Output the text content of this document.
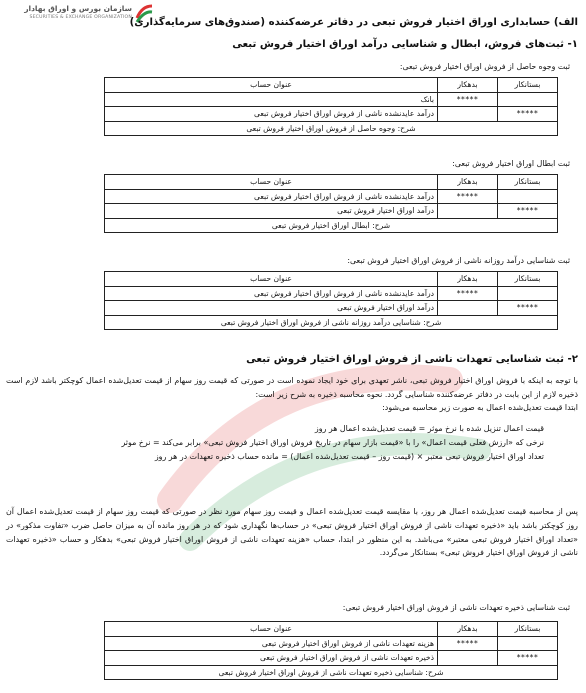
سازمان بورس و اوراق بهادار
SECURITIES & EXCHANGE ORGANIZATION
الف) حسابداری اوراق اختیار فروش تبعی در دفاتر عرضه‌کننده (صندوق‌های سرمایه‌گذاری)
۱- ثبت‌های فروش، ابطال و شناسایی درآمد اوراق اختیار فروش تبعی
ثبت وجوه حاصل از فروش اوراق اختیار فروش تبعی:
بستانکار	بدهکار	عنوان حساب
	*****	بانک
*****		درآمد عایدنشده ناشی از فروش اوراق اختیار فروش تبعی
شرح: وجوه حاصل از فروش اوراق اختیار فروش تبعی		
ثبت ابطال اوراق اختیار فروش تبعی:
بستانکار	بدهکار	عنوان حساب
	*****	درآمد عایدنشده ناشی از فروش اوراق اختیار فروش تبعی
*****		درآمد اوراق اختیار فروش تبعی
شرح: ابطال اوراق اختیار فروش تبعی		
ثبت شناسایی درآمد روزانه ناشی از فروش اوراق اختیار فروش تبعی:
بستانکار	بدهکار	عنوان حساب
	*****	درآمد عایدنشده ناشی از فروش اوراق اختیار فروش تبعی
*****		درآمد اوراق اختیار فروش تبعی
شرح: شناسایی درآمد روزانه ناشی از فروش اوراق اختیار فروش تبعی		
۲- ثبت شناسایی تعهدات ناشی از فروش اوراق اختیار فروش تبعی
با توجه به اینکه با فروش اوراق اختیار فروش تبعی، ناشر تعهدی برای خود ایجاد نموده است در صورتی که قیمت روز سهام از قیمت تعدیل‌شده اعمال کوچکتر باشد لازم است ذخیره لازم از این بابت در دفاتر عرضه‌کننده شناسایی گردد. نحوه محاسبه ذخیره به شرح زیر است:
ابتدا قیمت تعدیل‌شده اعمال به صورت زیر محاسبه می‌شود:
قیمت اعمال تنزیل شده با نرخ موثر = قیمت تعدیل‌شده اعمال هر روز
نرخی که «ارزش فعلی قیمت اعمال» را با «قیمت بازار سهام در تاریخ فروش اوراق اختیار فروش تبعی» برابر می‌کند = نرخ موثر
تعداد اوراق اختیار فروش تبعی معتبر × (قیمت روز – قیمت تعدیل‌شده اعمال) = مانده حساب ذخیره تعهدات در هر روز
پس از محاسبه قیمت تعدیل‌شده اعمال هر روز، با مقایسه قیمت تعدیل‌شده اعمال و قیمت روز سهام مورد نظر در صورتی که قیمت روز سهام از قیمت تعدیل‌شده اعمال آن روز کوچکتر باشد باید «ذخیره تعهدات ناشی از فروش اوراق اختیار فروش تبعی» در حساب‌ها نگهداری شود که در هر روز مانده آن به میزان حاصل ضرب «تفاوت مذکور» در «تعداد اوراق اختیار فروش تبعی معتبر» می‌باشد. به این منظور در ابتدا، حساب «هزینه تعهدات ناشی از فروش اوراق اختیار فروش تبعی» بدهکار و حساب «ذخیره تعهدات ناشی از فروش اوراق اختیار فروش تبعی» بستانکار می‌گردد.
ثبت شناسایی ذخیره تعهدات ناشی از فروش اوراق اختیار فروش تبعی:
بستانکار	بدهکار	عنوان حساب
	*****	هزینه تعهدات ناشی از فروش اوراق اختیار فروش تبعی
*****		ذخیره تعهدات ناشی از فروش اوراق اختیار فروش تبعی
شرح: شناسایی ذخیره تعهدات ناشی از فروش اوراق اختیار فروش تبعی		
